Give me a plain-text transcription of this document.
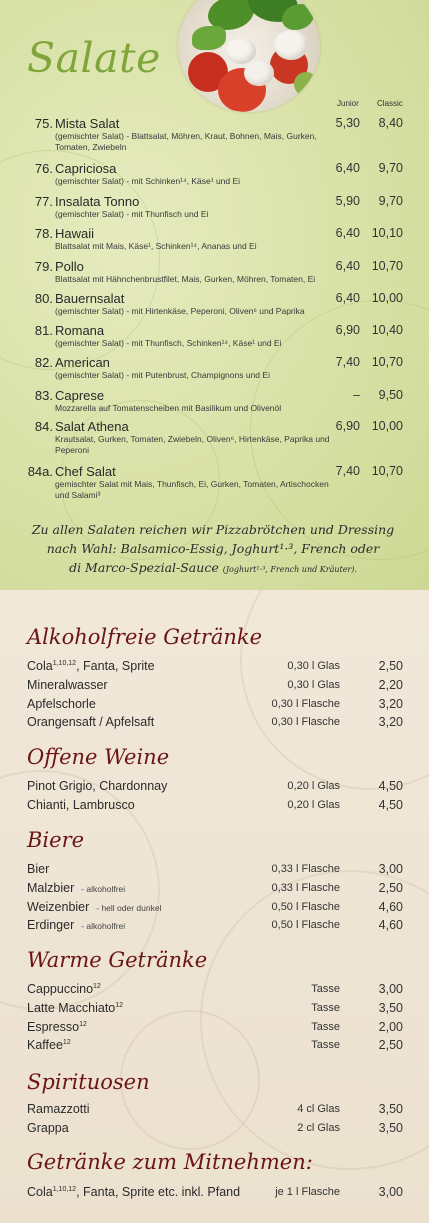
Salate
Junior Classic
75. Mista Salat
(gemischter Salat) - Blattsalat, Möhren, Kraut, Bohnen, Mais, Gurken, Tomaten, Zwiebeln
5,30 8,40
76. Capriciosa
(gemischter Salat) - mit Schinken¹⁴, Käse¹ und Ei
6,40 9,70
77. Insalata Tonno
(gemischter Salat) - mit Thunfisch und Ei
5,90 9,70
78. Hawaii
Blattsalat mit Mais, Käse¹, Schinken¹⁴, Ananas und Ei
6,40 10,10
79. Pollo
Blattsalat mit Hähnchenbrustfilet, Mais, Gurken, Möhren, Tomaten, Ei
6,40 10,70
80. Bauernsalat
(gemischter Salat) - mit Hirtenkäse, Peperoni, Oliven⁶ und Paprika
6,40 10,00
81. Romana
(gemischter Salat) - mit Thunfisch, Schinken¹⁴, Käse¹ und Ei
6,90 10,40
82. American
(gemischter Salat) - mit Putenbrust, Champignons und Ei
7,40 10,70
83. Caprese
Mozzarella auf Tomatenscheiben mit Basilikum und Olivenöl
– 9,50
84. Salat Athena
Krautsalat, Gurken, Tomaten, Zwiebeln, Oliven⁶, Hirtenkäse, Paprika und Peperoni
6,90 10,00
84a. Chef Salat
gemischter Salat mit Mais, Thunfisch, Ei, Gurken, Tomaten, Artischocken und Salami³
7,40 10,70
Zu allen Salaten reichen wir Pizzabrötchen und Dressing
nach Wahl: Balsamico-Essig, Joghurt¹·³, French oder
di Marco-Spezial-Sauce (Joghurt¹·³, French und Kräuter).
Alkoholfreie Getränke
Cola$^{1,10,12}$, Fanta, Sprite	0,30 l Glas	2,50
Mineralwasser	0,30 l Glas	2,20
Apfelschorle	0,30 l Flasche	3,20
Orangensaft / Apfelsaft	0,30 l Flasche	3,20
Offene Weine
Pinot Grigio, Chardonnay	0,20 l Glas	4,50
Chianti, Lambrusco	0,20 l Glas	4,50
Biere
Bier	0,33 l Flasche	3,00
Malzbier - alkoholfrei	0,33 l Flasche	2,50
Weizenbier - hell oder dunkel	0,50 l Flasche	4,60
Erdinger - alkoholfrei	0,50 l Flasche	4,60
Warme Getränke
Cappuccino$^{12}$	Tasse	3,00
Latte Macchiato$^{12}$	Tasse	3,50
Espresso$^{12}$	Tasse	2,00
Kaffee$^{12}$	Tasse	2,50
Spirituosen
Ramazzotti	4 cl Glas	3,50
Grappa	2 cl Glas	3,50
Getränke zum Mitnehmen:
Cola$^{1,10,12}$, Fanta, Sprite etc. inkl. Pfand	je 1 l Flasche	3,00
